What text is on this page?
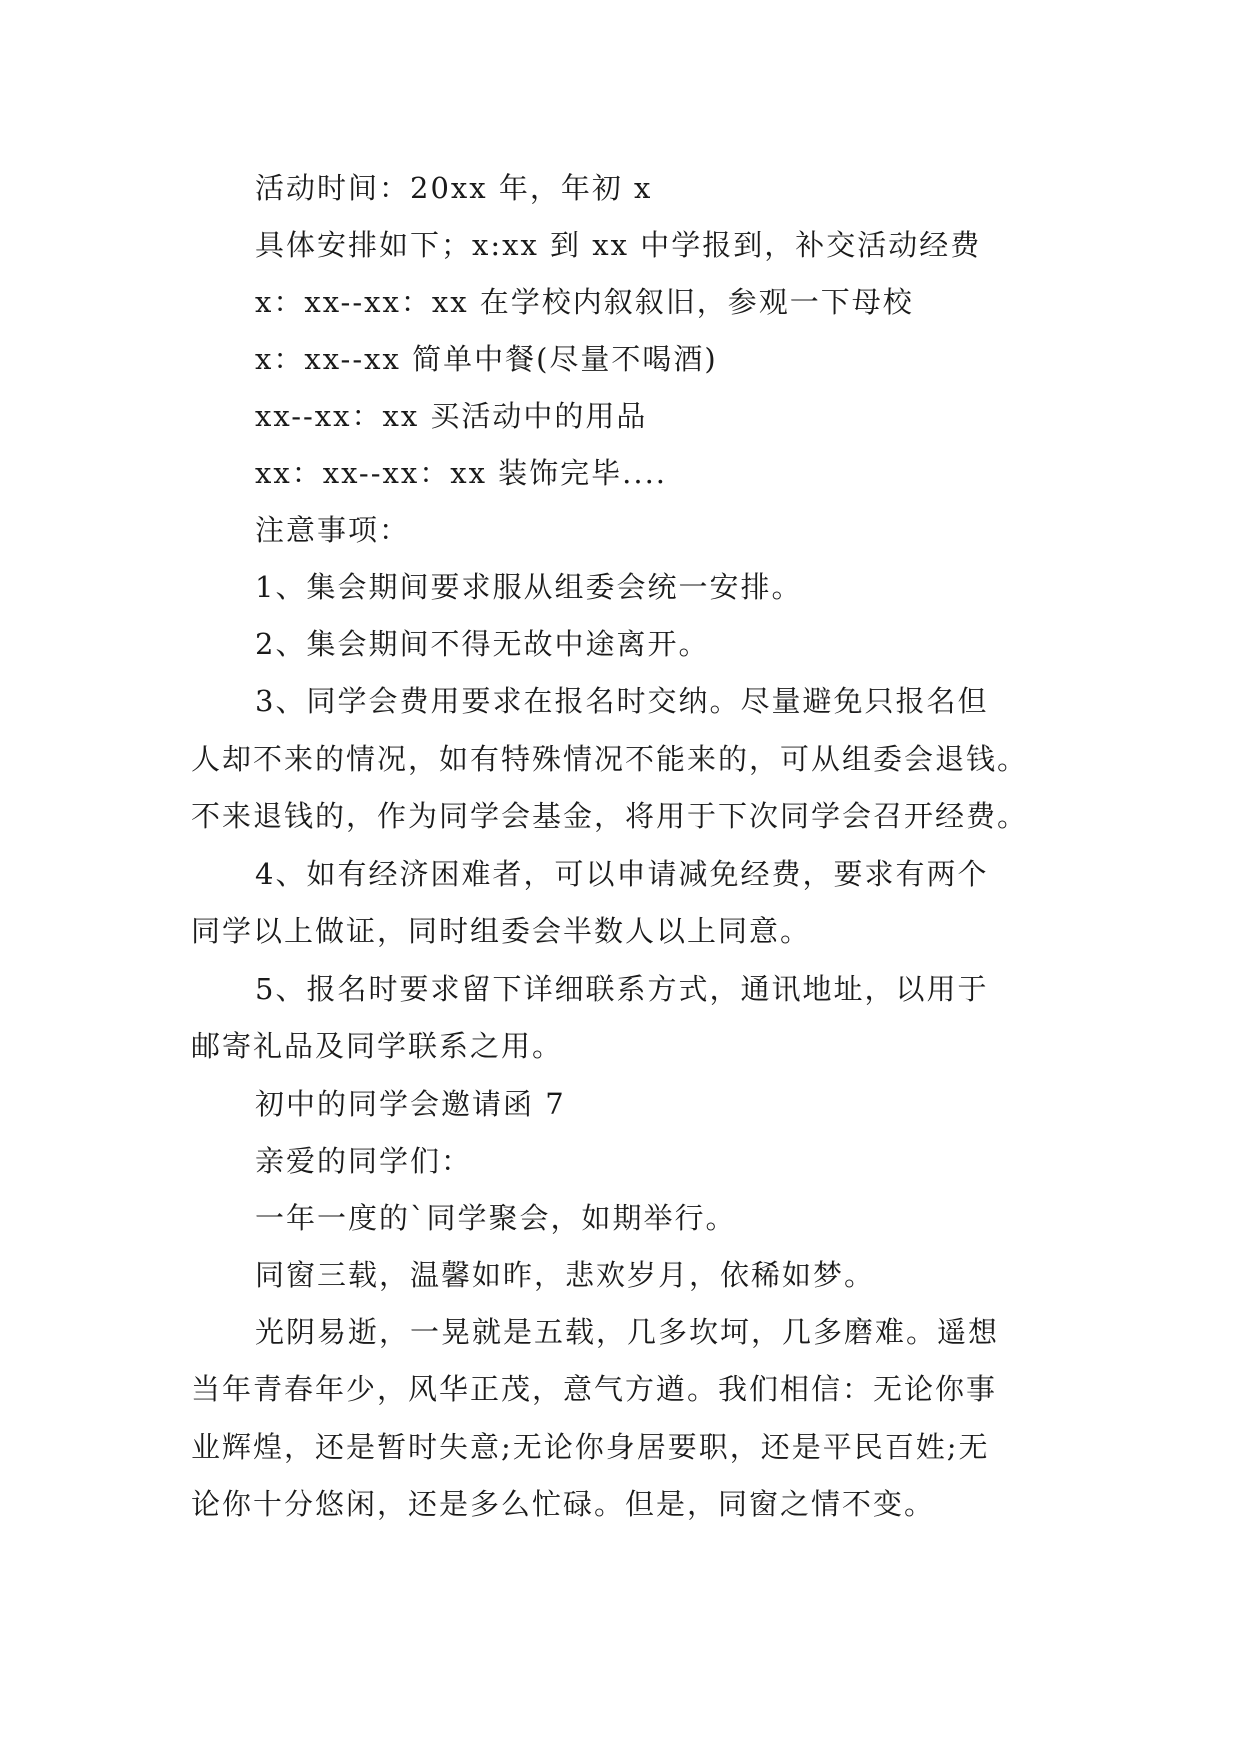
活动时间：20xx 年，年初 x

具体安排如下；x:xx 到 xx 中学报到，补交活动经费

x：xx--xx：xx 在学校内叙叙旧，参观一下母校

x：xx--xx 简单中餐(尽量不喝酒)

xx--xx：xx 买活动中的用品

xx：xx--xx：xx 装饰完毕....

注意事项：

1、集会期间要求服从组委会统一安排。

2、集会期间不得无故中途离开。

3、同学会费用要求在报名时交纳。尽量避免只报名但
人却不来的情况，如有特殊情况不能来的，可从组委会退钱。
不来退钱的，作为同学会基金，将用于下次同学会召开经费。

4、如有经济困难者，可以申请减免经费，要求有两个
同学以上做证，同时组委会半数人以上同意。

5、报名时要求留下详细联系方式，通讯地址，以用于
邮寄礼品及同学联系之用。

初中的同学会邀请函 7

亲爱的同学们：

一年一度的`同学聚会，如期举行。

同窗三载，温馨如昨，悲欢岁月，依稀如梦。

光阴易逝，一晃就是五载，几多坎坷，几多磨难。遥想
当年青春年少，风华正茂，意气方遒。我们相信：无论你事
业辉煌，还是暂时失意;无论你身居要职，还是平民百姓;无
论你十分悠闲，还是多么忙碌。但是，同窗之情不变。
